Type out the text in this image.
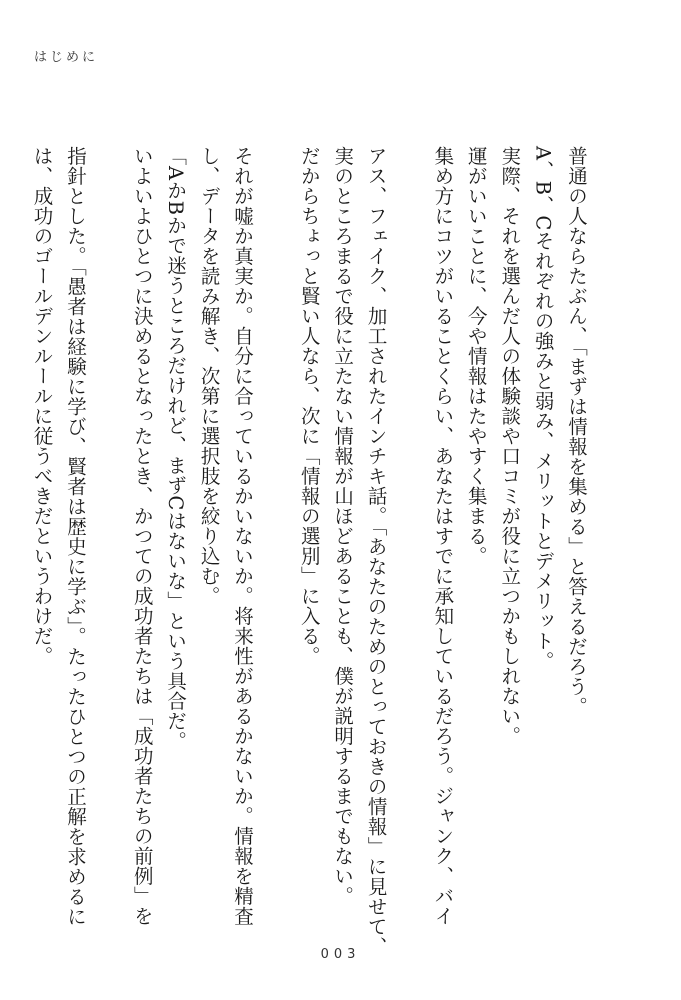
はじめに

普通の人ならたぶん、「まずは情報を集める」と答えるだろう。

A、B、Cそれぞれの強みと弱み、メリットとデメリット。

実際、それを選んだ人の体験談や口コミが役に立つかもしれない。

運がいいことに、今や情報はたやすく集まる。

集め方にコツがいることくらい、あなたはすでに承知しているだろう。ジャンク、バイ

アス、フェイク、加工されたインチキ話。「あなたのためのとっておきの情報」に見せて、

実のところまるで役に立たない情報が山ほどあることも、僕が説明するまでもない。

だからちょっと賢い人なら、次に「情報の選別」に入る。

それが嘘か真実か。自分に合っているかいないか。将来性があるかないか。情報を精査

し、データを読み解き、次第に選択肢を絞り込む。

「AかBかで迷うところだけれど、まずCはないな」という具合だ。

いよいよひとつに決めるとなったとき、かつての成功者たちは「成功者たちの前例」を

指針とした。「愚者は経験に学び、賢者は歴史に学ぶ」。たったひとつの正解を求めるに

は、成功のゴールデンルールに従うべきだというわけだ。

003
